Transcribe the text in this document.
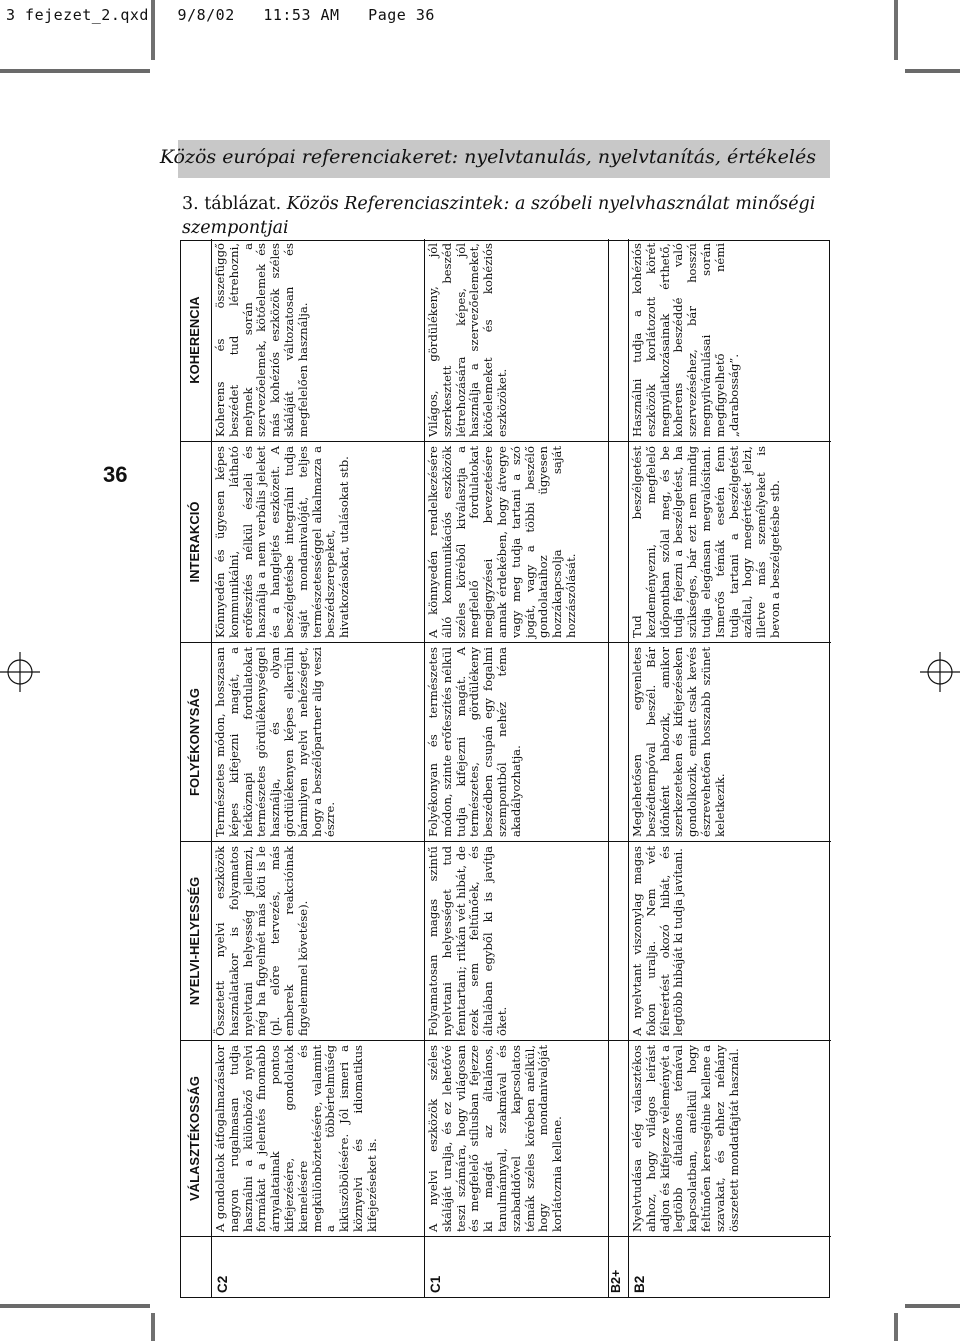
3 fejezet_2.qxd   9/8/02   11:53 AM   Page 36
36
Közös európai referenciakeret: nyelvtanulás, nyelvtanítás, értékelés
3. táblázat. Közös Referenciaszintek: a szóbeli nyelvhasználat minőségi szempontjai
VÁLASZTÉKOSSÁG
NYELVI-HELYESSÉG
FOLYÉKONYSÁG
INTERAKCIÓ
KOHERENCIA
C2
A gondolatok átfogalmazásakor nagyon rugalmasan tudja használni a különböző nyelvi formákat a jelentés finomabb árnyalatainak pontos kifejezésére, gondolatok kiemelésére és megkülönböztetésére, valamint a többértelműség kiküszöbölésére. Jól ismeri a köznyelvi és idiomatikus kifejezéseket is.
Összetett nyelvi eszközök használatakor is folyamatos nyelvtani helyesség jellemzi, még ha figyelmét más köti is le (pl. előre tervezés, más emberek reakcióinak figyelemmel követése).
Természetes módon, hosszasan képes kifejezni magát, a hétköznapi fordulatokat természetes gördülékenységgel használja, és olyan gördülékenyen képes elkerülni bármilyen nyelvi nehézséget, hogy a beszélőpartner alig veszi észre.
Könnyedén és ügyesen képes kommunikálni, látható erőfeszítés nélkül észleli és használja a nem verbális jeleket és a hanglejtés eszközeit. A beszélgetésbe integrálni tudja saját mondanivalóját, teljes természetességgel alkalmazza a beszédszerepeket, hivatkozásokat, utalásokat stb.
Koherens és összefüggő beszédet tud létrehozni, melynek során a szervezőelemek, kötőelemek és más kohéziós eszközök széles skáláját változatosan és megfelelően használja.
C1
A nyelvi eszközök széles skáláját uralja, és ez lehetővé teszi számára, hogy világosan és megfelelő stílusban fejezze ki magát az általános, tanulmánnyal, szakmával és szabadidővel kapcsolatos témák széles körében anélkül, hogy mondanivalóját korlátoznia kellene.
Folyamatosan magas szintű nyelvtani helyességet tud fenntartani; ritkán vét hibát, de ezek sem feltűnőek, és általában egyből ki is javítja őket.
Folyékonyan és természetes módon, szinte erőfeszítés nélkül tudja kifejezni magát. A természetes, gördülékeny beszédben csupán egy fogalmi szempontból nehéz téma akadályozhatja.
A könnyedén rendelkezésére álló kommunikációs eszközök széles köréből kiválasztja a megfelelő fordulatokat megjegyzései bevezetésére annak érdekében, hogy átvegye vagy meg tudja tartani a szó jogát, vagy a többi beszélő gondolataihoz ügyesen hozzákapcsolja saját hozzászólását.
Világos, gördülékeny, jól szerkesztett beszéd létrehozására képes, jól használja a szervezőelemeket, kötőelemeket és kohéziós eszközöket.
B2+ B2
Nyelvtudása elég választékos ahhoz, hogy világos leírást adjon és kifejezze véleményét a legtöbb általános témával kapcsolatban, anélkül hogy feltűnően keresgélnie kellene a szavakat, és ehhez néhány összetett mondatfajtát használ.
A nyelvtant viszonylag magas fokon uralja. Nem vét félreértést okozó hibát, és legtöbb hibáját ki tudja javítani.
Meglehetősen egyenletes beszédtempóval beszél. Bár időnként habozik, amikor szerkezeteken és kifejezéseken gondolkozik, emiatt csak kevés észrevehetően hosszabb szünet keletkezik.
Tud beszélgetést kezdeményezni, megfelelő időpontban szólal meg, és be tudja fejezni a beszélgetést, ha szükséges, bár ezt nem mindig tudja elegánsan megvalósítani. Ismerős témák esetén fenn tudja tartani a beszélgetést azáltal, hogy megértését jelzi, illetve más személyeket is bevon a beszélgetésbe stb.
Használni tudja a kohéziós eszközök korlátozott körét megnyilatkozásainak érthető, koherens beszéddé való szervezéséhez, bár hosszú megnyilvánulásai során megfigyelhető némi „darabosság”.
